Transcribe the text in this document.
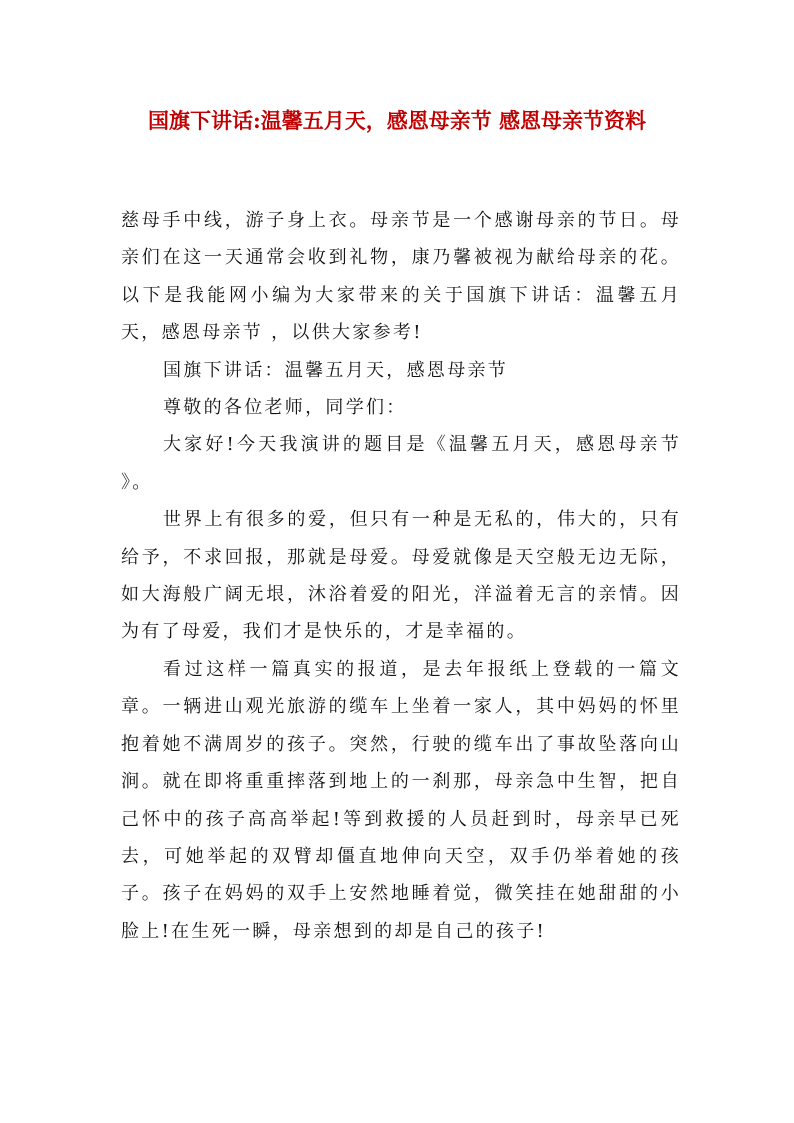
国旗下讲话:温馨五月天，感恩母亲节 感恩母亲节资料

慈母手中线，游子身上衣。母亲节是一个感谢母亲的节日。母亲们在这一天通常会收到礼物，康乃馨被视为献给母亲的花。以下是我能网小编为大家带来的关于国旗下讲话：温馨五月天，感恩母亲节 ，以供大家参考!

国旗下讲话：温馨五月天，感恩母亲节

尊敬的各位老师，同学们：

大家好!今天我演讲的题目是《温馨五月天，感恩母亲节 》。

世界上有很多的爱，但只有一种是无私的，伟大的，只有给予，不求回报，那就是母爱。母爱就像是天空般无边无际，如大海般广阔无垠，沐浴着爱的阳光，洋溢着无言的亲情。因为有了母爱，我们才是快乐的，才是幸福的。

看过这样一篇真实的报道，是去年报纸上登载的一篇文章。一辆进山观光旅游的缆车上坐着一家人，其中妈妈的怀里抱着她不满周岁的孩子。突然，行驶的缆车出了事故坠落向山涧。就在即将重重摔落到地上的一刹那，母亲急中生智，把自己怀中的孩子高高举起!等到救援的人员赶到时，母亲早已死去，可她举起的双臂却僵直地伸向天空，双手仍举着她的孩子。孩子在妈妈的双手上安然地睡着觉，微笑挂在她甜甜的小脸上!在生死一瞬，母亲想到的却是自己的孩子!
